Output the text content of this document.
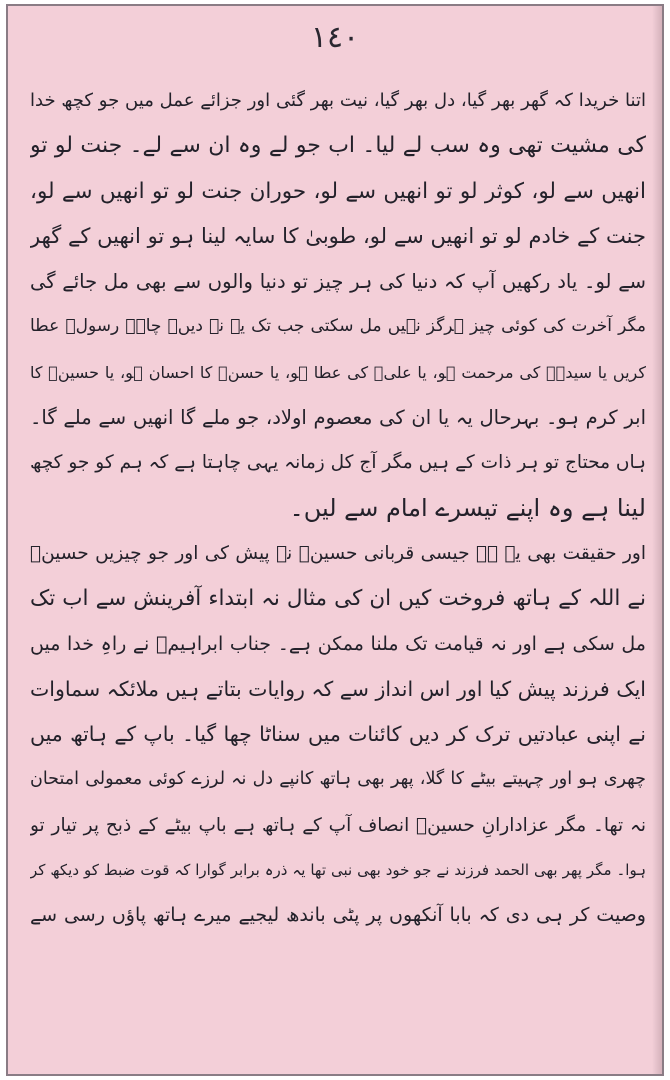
١٤٠
اتنا خریدا کہ گھر بھر گیا، دل بھر گیا، نیت بھر گئی اور جزائے عمل میں جو کچھ خدا
کی مشیت تھی وہ سب لے لیا۔ اب جو لے وہ ان سے لے۔ جنت لو تو
انھیں سے لو، کوثر لو تو انھیں سے لو، حوران جنت لو تو انھیں سے لو،
جنت کے خادم لو تو انھیں سے لو، طوبیٰ کا سایہ لینا ہو تو انھیں کے گھر
سے لو۔ یاد رکھیں آپ کہ دنیا کی ہر چیز تو دنیا والوں سے بھی مل جائے گی
مگر آخرت کی کوئی چیز ہرگز نہیں مل سکتی جب تک یہ نہ دیں۔ چاہے رسولؐ عطا
کریں یا سیدہؑ کی مرحمت ہو، یا علیؑ کی عطا ہو، یا حسنؑ کا احسان ہو، یا حسینؑ کا
ابر کرم ہو۔ بہرحال یہ یا ان کی معصوم اولاد، جو ملے گا انھیں سے ملے گا۔
ہاں محتاج تو ہر ذات کے ہیں مگر آج کل زمانہ یہی چاہتا ہے کہ ہم کو جو کچھ
لینا ہے وہ اپنے تیسرے امام سے لیں۔
اور حقیقت بھی یہ ہے جیسی قربانی حسینؑ نے پیش کی اور جو چیزیں حسینؑ
نے اللہ کے ہاتھ فروخت کیں ان کی مثال نہ ابتداء آفرینش سے اب تک
مل سکی ہے اور نہ قیامت تک ملنا ممکن ہے۔ جناب ابراہیمؑ نے راہِ خدا میں
ایک فرزند پیش کیا اور اس انداز سے کہ روایات بتاتے ہیں ملائکہ سماوات
نے اپنی عبادتیں ترک کر دیں کائنات میں سناٹا چھا گیا۔ باپ کے ہاتھ میں
چھری ہو اور چہیتے بیٹے کا گلا، پھر بھی ہاتھ کانپے دل نہ لرزے کوئی معمولی امتحان
نہ تھا۔ مگر عزادارانِ حسینؑ انصاف آپ کے ہاتھ ہے باپ بیٹے کے ذبح پر تیار تو
ہوا۔ مگر پھر بھی الحمد فرزند نے جو خود بھی نبی تھا یہ ذرہ برابر گوارا کہ قوت ضبط کو دیکھ کر
وصیت کر ہی دی کہ بابا آنکھوں پر پٹی باندھ لیجیے میرے ہاتھ پاؤں رسی سے
